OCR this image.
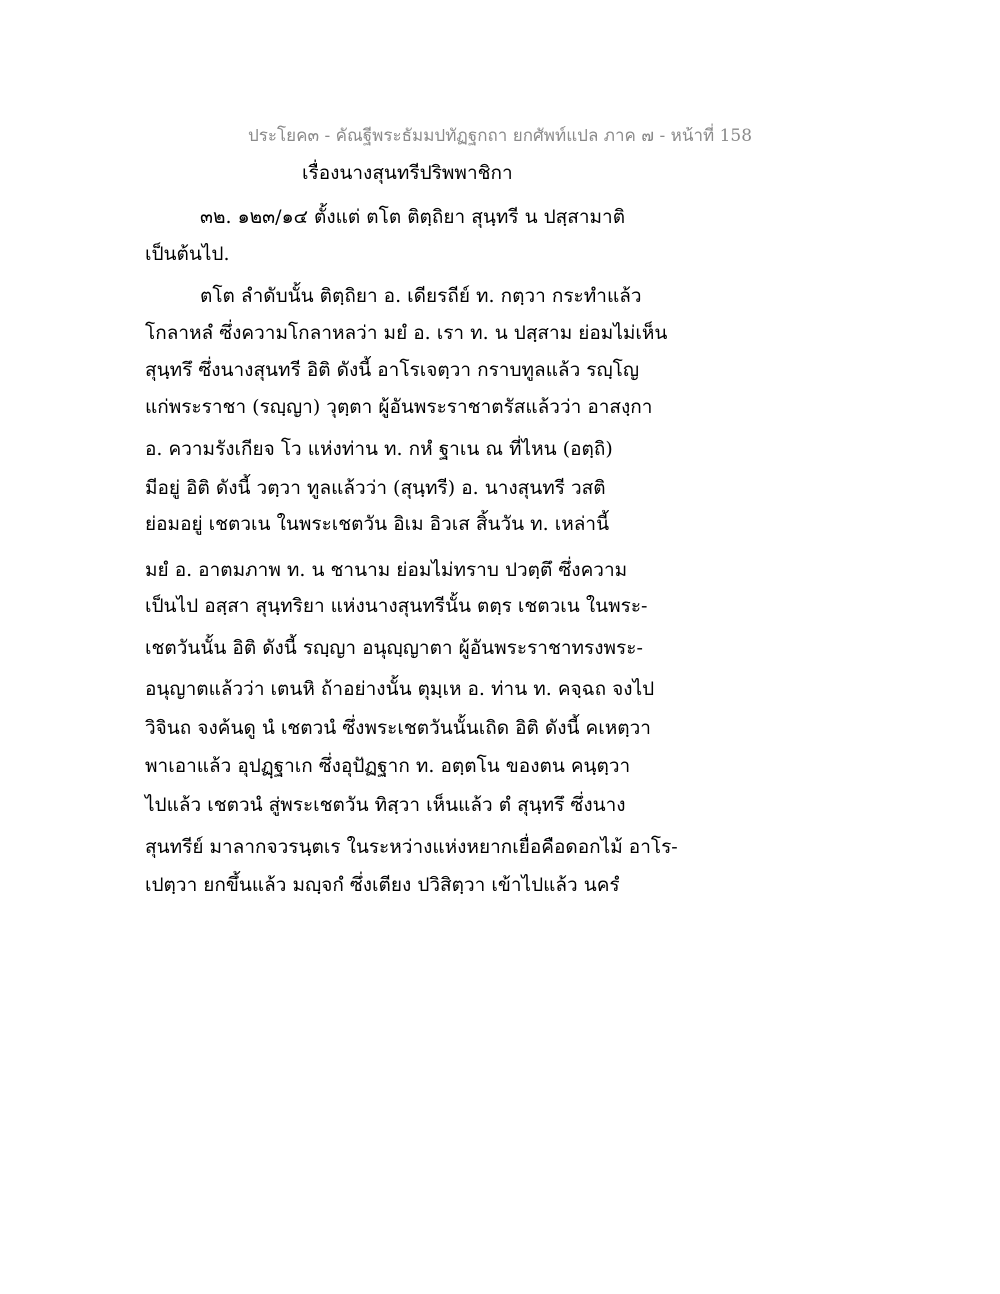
ประโยค๓ - คัณฐีพระธัมมปทัฏฐกถา ยกศัพท์แปล ภาค ๗ - หน้าที่ 158
เรื่องนางสุนทรีปริพพาชิกา
๓๒. ๑๒๓/๑๔ ตั้งแต่ ตโต ติตฺถิยา สุนฺทรี น ปสฺสามาติ
เป็นต้นไป.
ตโต ลำดับนั้น ติตฺถิยา อ. เดียรถีย์ ท. กตฺวา กระทำแล้ว
โกลาหลํ ซึ่งความโกลาหลว่า มยํ อ. เรา ท. น ปสฺสาม ย่อมไม่เห็น
สุนฺทรึ ซึ่งนางสุนทรี อิติ ดังนี้ อาโรเจตฺวา กราบทูลแล้ว รญฺโญ
แก่พระราชา (รญฺญา) วุตฺตา ผู้อันพระราชาตรัสแล้วว่า อาสงฺกา
อ. ความรังเกียจ โว แห่งท่าน ท. กหํ ฐาเน ณ ที่ไหน (อตฺถิ)
มีอยู่ อิติ ดังนี้ วตฺวา ทูลแล้วว่า (สุนฺทรี) อ. นางสุนทรี วสติ
ย่อมอยู่ เชตวเน ในพระเชตวัน อิเม อิวเส สิ้นวัน ท. เหล่านี้
มยํ อ. อาตมภาพ ท. น ชานาม ย่อมไม่ทราบ ปวตฺตึ ซึ่งความ
เป็นไป อสฺสา สุนฺทริยา แห่งนางสุนทรีนั้น ตตฺร เชตวเน ในพระ-
เชตวันนั้น อิติ ดังนี้ รญฺญา อนุญฺญาตา ผู้อันพระราชาทรงพระ-
อนุญาตแล้วว่า เตนหิ ถ้าอย่างนั้น ตุมฺเห อ. ท่าน ท. คจฺฉถ จงไป
วิจินถ จงค้นดู นํ เชตวนํ ซึ่งพระเชตวันนั้นเถิด อิติ ดังนี้ คเหตฺวา
พาเอาแล้ว อุปฏฺฐาเก ซึ่งอุปัฏฐาก ท. อตฺตโน ของตน คนฺตฺวา
ไปแล้ว เชตวนํ สู่พระเชตวัน ทิสฺวา เห็นแล้ว ตํ สุนฺทรึ ซึ่งนาง
สุนทรีย์ มาลากจวรนฺตเร ในระหว่างแห่งหยากเยื่อคือดอกไม้ อาโร-
เปตฺวา ยกขึ้นแล้ว มญฺจกํ ซึ่งเตียง ปวิสิตฺวา เข้าไปแล้ว นครํ
